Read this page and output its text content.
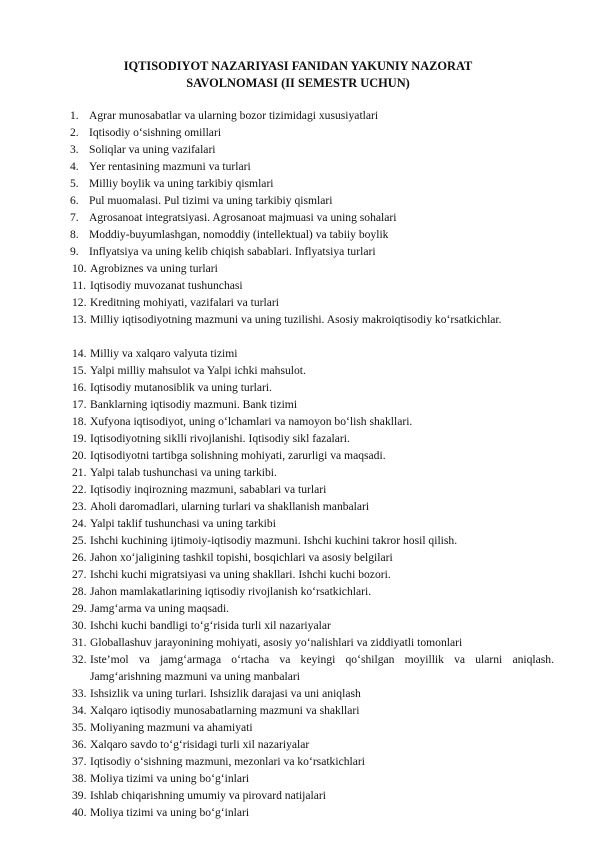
IQTISODIYOT NAZARIYASI FANIDAN YAKUNIY NAZORAT
SAVOLNOMASI (II SEMESTR UCHUN)
1. Agrar munosabatlar va ularning bozor tizimidagi xususiyatlari
2. Iqtisodiy o‘sishning omillari
3. Soliqlar va uning vazifalari
4. Yer rentasining mazmuni va turlari
5. Milliy boylik va uning tarkibiy qismlari
6. Pul muomalasi. Pul tizimi va uning tarkibiy qismlari
7. Agrosanoat integratsiyasi. Agrosanoat majmuasi va uning sohalari
8. Moddiy-buyumlashgan, nomoddiy (intellektual) va tabiiy boylik
9. Inflyatsiya va uning kelib chiqish sabablari. Inflyatsiya turlari
10. Agrobiznes va uning turlari
11. Iqtisodiy muvozanat tushunchasi
12. Kreditning mohiyati, vazifalari va turlari
13. Milliy iqtisodiyotning mazmuni va uning tuzilishi. Asosiy makroiqtisodiy ko‘rsatkichlar.
14. Milliy va xalqaro valyuta tizimi
15. Yalpi milliy mahsulot va Yalpi ichki mahsulot.
16. Iqtisodiy mutanosiblik va uning turlari.
17. Banklarning iqtisodiy mazmuni. Bank tizimi
18. Xufyona iqtisodiyot, uning o‘lchamlari va namoyon bo‘lish shakllari.
19. Iqtisodiyotning siklli rivojlanishi. Iqtisodiy sikl fazalari.
20. Iqtisodiyotni tartibga solishning mohiyati, zarurligi va maqsadi.
21. Yalpi talab tushunchasi va uning tarkibi.
22. Iqtisodiy inqirozning mazmuni, sabablari va turlari
23. Aholi daromadlari, ularning turlari va shakllanish manbalari
24. Yalpi taklif tushunchasi va uning tarkibi
25. Ishchi kuchining ijtimoiy-iqtisodiy mazmuni. Ishchi kuchini takror hosil qilish.
26. Jahon xo‘jaligining tashkil topishi, bosqichlari va asosiy belgilari
27. Ishchi kuchi migratsiyasi va uning shakllari. Ishchi kuchi bozori.
28. Jahon mamlakatlarining iqtisodiy rivojlanish ko‘rsatkichlari.
29. Jamg‘arma va uning maqsadi.
30. Ishchi kuchi bandligi to‘g‘risida turli xil nazariyalar
31. Globallashuv jarayonining mohiyati, asosiy yo‘nalishlari va ziddiyatli tomonlari
32. Iste’mol va jamg‘armaga o‘rtacha va keyingi qo‘shilgan moyillik va ularni aniqlash. Jamg‘arishning mazmuni va uning manbalari
33. Ishsizlik va uning turlari. Ishsizlik darajasi va uni aniqlash
34. Xalqaro iqtisodiy munosabatlarning mazmuni va shakllari
35. Moliyaning mazmuni va ahamiyati
36. Xalqaro savdo to‘g‘risidagi turli xil nazariyalar
37. Iqtisodiy o‘sishning mazmuni, mezonlari va ko‘rsatkichlari
38. Moliya tizimi va uning bo‘g‘inlari
39. Ishlab chiqarishning umumiy va pirovard natijalari
40. Moliya tizimi va uning bo‘g‘inlari
